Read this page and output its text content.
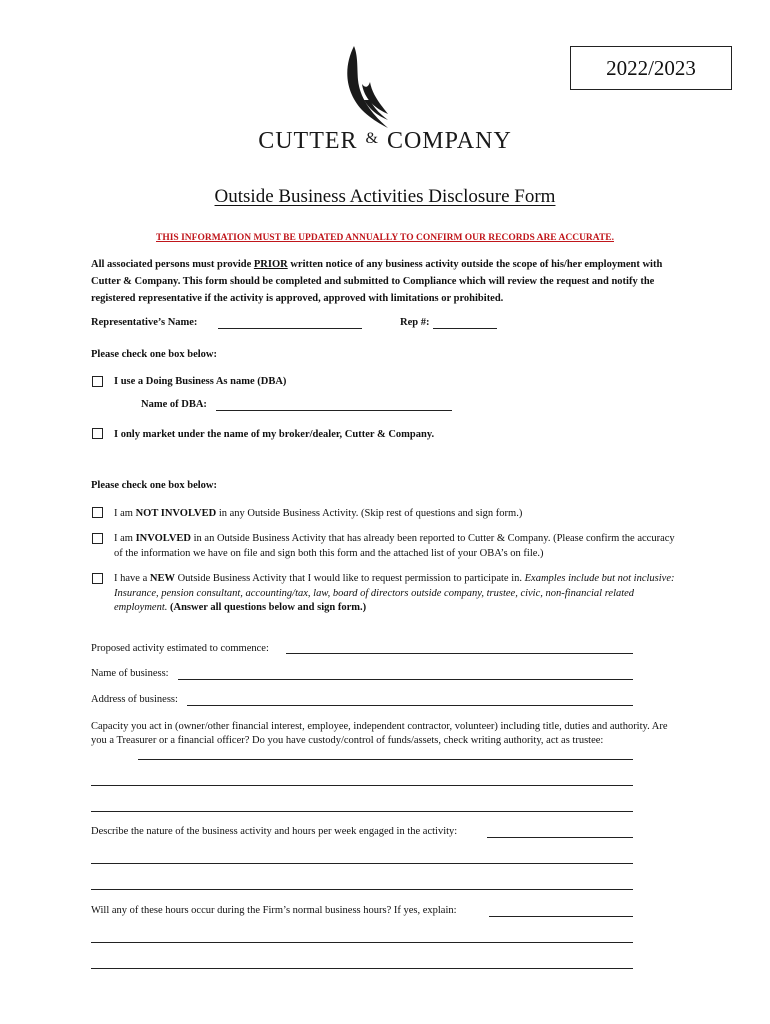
2022/2023
CUTTER & COMPANY
Outside Business Activities Disclosure Form
THIS INFORMATION MUST BE UPDATED ANNUALLY TO CONFIRM OUR RECORDS ARE ACCURATE.
All associated persons must provide PRIOR written notice of any business activity outside the scope of his/her employment with Cutter & Company. This form should be completed and submitted to Compliance which will review the request and notify the registered representative if the activity is approved, approved with limitations or prohibited.
Representative’s Name:	Rep #:
Please check one box below:
I use a Doing Business As name (DBA)
Name of DBA:
I only market under the name of my broker/dealer, Cutter & Company.
Please check one box below:
I am NOT INVOLVED in any Outside Business Activity. (Skip rest of questions and sign form.)
I am INVOLVED in an Outside Business Activity that has already been reported to Cutter & Company. (Please confirm the accuracy of the information we have on file and sign both this form and the attached list of your OBA’s on file.)
I have a NEW Outside Business Activity that I would like to request permission to participate in. Examples include but not inclusive: Insurance, pension consultant, accounting/tax, law, board of directors outside company, trustee, civic, non-financial related employment. (Answer all questions below and sign form.)
Proposed activity estimated to commence:
Name of business:
Address of business:
Capacity you act in (owner/other financial interest, employee, independent contractor, volunteer) including title, duties and authority. Are you a Treasurer or a financial officer? Do you have custody/control of funds/assets, check writing authority, act as trustee:
Describe the nature of the business activity and hours per week engaged in the activity:
Will any of these hours occur during the Firm’s normal business hours? If yes, explain:
